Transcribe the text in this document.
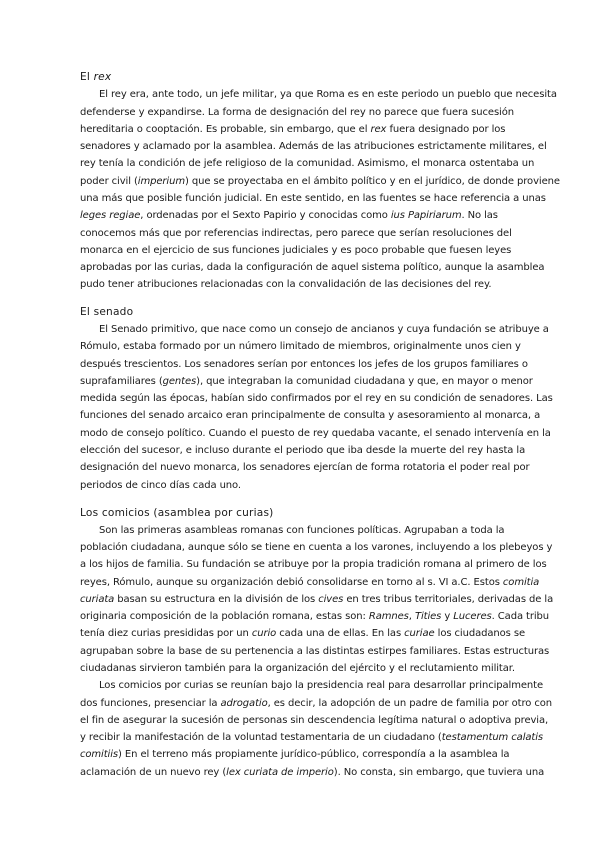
El rex
El rey era, ante todo, un jefe militar, ya que Roma es en este periodo un pueblo que necesita
defenderse y expandirse. La forma de designación del rey no parece que fuera sucesión
hereditaria o cooptación. Es probable, sin embargo, que el rex fuera designado por los
senadores y aclamado por la asamblea. Además de las atribuciones estrictamente militares, el
rey tenía la condición de jefe religioso de la comunidad. Asimismo, el monarca ostentaba un
poder civil (imperium) que se proyectaba en el ámbito político y en el jurídico, de donde proviene
una más que posible función judicial. En este sentido, en las fuentes se hace referencia a unas
leges regiae, ordenadas por el Sexto Papirio y conocidas como ius Papiriarum. No las
conocemos más que por referencias indirectas, pero parece que serían resoluciones del
monarca en el ejercicio de sus funciones judiciales y es poco probable que fuesen leyes
aprobadas por las curias, dada la configuración de aquel sistema político, aunque la asamblea
pudo tener atribuciones relacionadas con la convalidación de las decisiones del rey.
El senado
El Senado primitivo, que nace como un consejo de ancianos y cuya fundación se atribuye a
Rómulo, estaba formado por un número limitado de miembros, originalmente unos cien y
después trescientos. Los senadores serían por entonces los jefes de los grupos familiares o
suprafamiliares (gentes), que integraban la comunidad ciudadana y que, en mayor o menor
medida según las épocas, habían sido confirmados por el rey en su condición de senadores. Las
funciones del senado arcaico eran principalmente de consulta y asesoramiento al monarca, a
modo de consejo político. Cuando el puesto de rey quedaba vacante, el senado intervenía en la
elección del sucesor, e incluso durante el periodo que iba desde la muerte del rey hasta la
designación del nuevo monarca, los senadores ejercían de forma rotatoria el poder real por
periodos de cinco días cada uno.
Los comicios (asamblea por curias)
Son las primeras asambleas romanas con funciones políticas. Agrupaban a toda la
población ciudadana, aunque sólo se tiene en cuenta a los varones, incluyendo a los plebeyos y
a los hijos de familia. Su fundación se atribuye por la propia tradición romana al primero de los
reyes, Rómulo, aunque su organización debió consolidarse en torno al s. VI a.C. Estos comitia
curiata basan su estructura en la división de los cives en tres tribus territoriales, derivadas de la
originaria composición de la población romana, estas son: Ramnes, Tities y Luceres. Cada tribu
tenía diez curias presididas por un curio cada una de ellas. En las curiae los ciudadanos se
agrupaban sobre la base de su pertenencia a las distintas estirpes familiares. Estas estructuras
ciudadanas sirvieron también para la organización del ejército y el reclutamiento militar.
Los comicios por curias se reunían bajo la presidencia real para desarrollar principalmente
dos funciones, presenciar la adrogatio, es decir, la adopción de un padre de familia por otro con
el fin de asegurar la sucesión de personas sin descendencia legítima natural o adoptiva previa,
y recibir la manifestación de la voluntad testamentaria de un ciudadano (testamentum calatis
comitiis) En el terreno más propiamente jurídico-público, correspondía a la asamblea la
aclamación de un nuevo rey (lex curiata de imperio). No consta, sin embargo, que tuviera una
